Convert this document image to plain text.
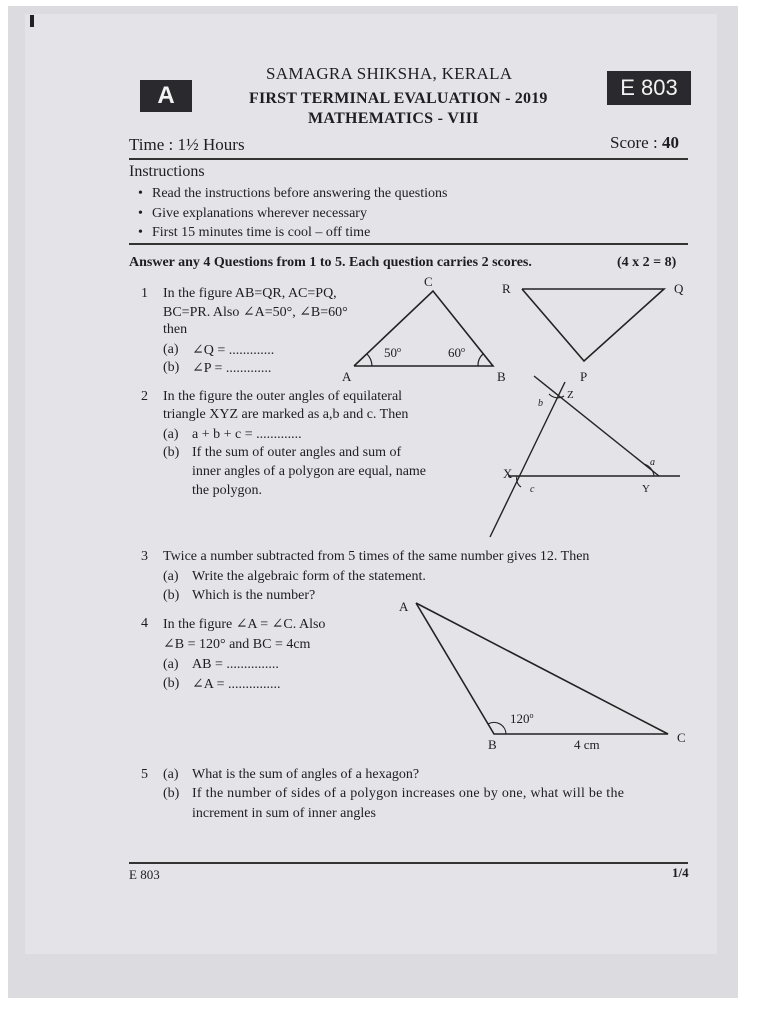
A
SAMAGRA SHIKSHA, KERALA
FIRST TERMINAL EVALUATION - 2019
MATHEMATICS - VIII
E 803
Time : 1½ Hours	Score : 40
Instructions
• Read the instructions before answering the questions
• Give explanations wherever necessary
• First 15 minutes time is cool – off time
Answer any 4 Questions from 1 to 5. Each question carries 2 scores.	(4 x 2 = 8)
1 In the figure AB=QR, AC=PQ,
BC=PR. Also ∠A=50°, ∠B=60°
then
(a) ∠Q = .............
(b) ∠P = .............
C
A	B
50$^o$	60$^o$
R	Q
P
2 In the figure the outer angles of equilateral
triangle XYZ are marked as a,b and c. Then
(a) a + b + c = .............
(b) If the sum of outer angles and sum of
inner angles of a polygon are equal, name
the polygon.
X
Y
Z
a
b
c
3 Twice a number subtracted from 5 times of the same number gives 12. Then
(a) Write the algebraic form of the statement.
(b) Which is the number?
4 In the figure ∠A = ∠C. Also
∠B = 120° and BC = 4cm
(a) AB = ...............
(b) ∠A = ...............
A
B	C
120$^o$
4 cm
5 (a) What is the sum of angles of a hexagon?
(b) If the number of sides of a polygon increases one by one, what will be the
increment in sum of inner angles
E 803	1/4
